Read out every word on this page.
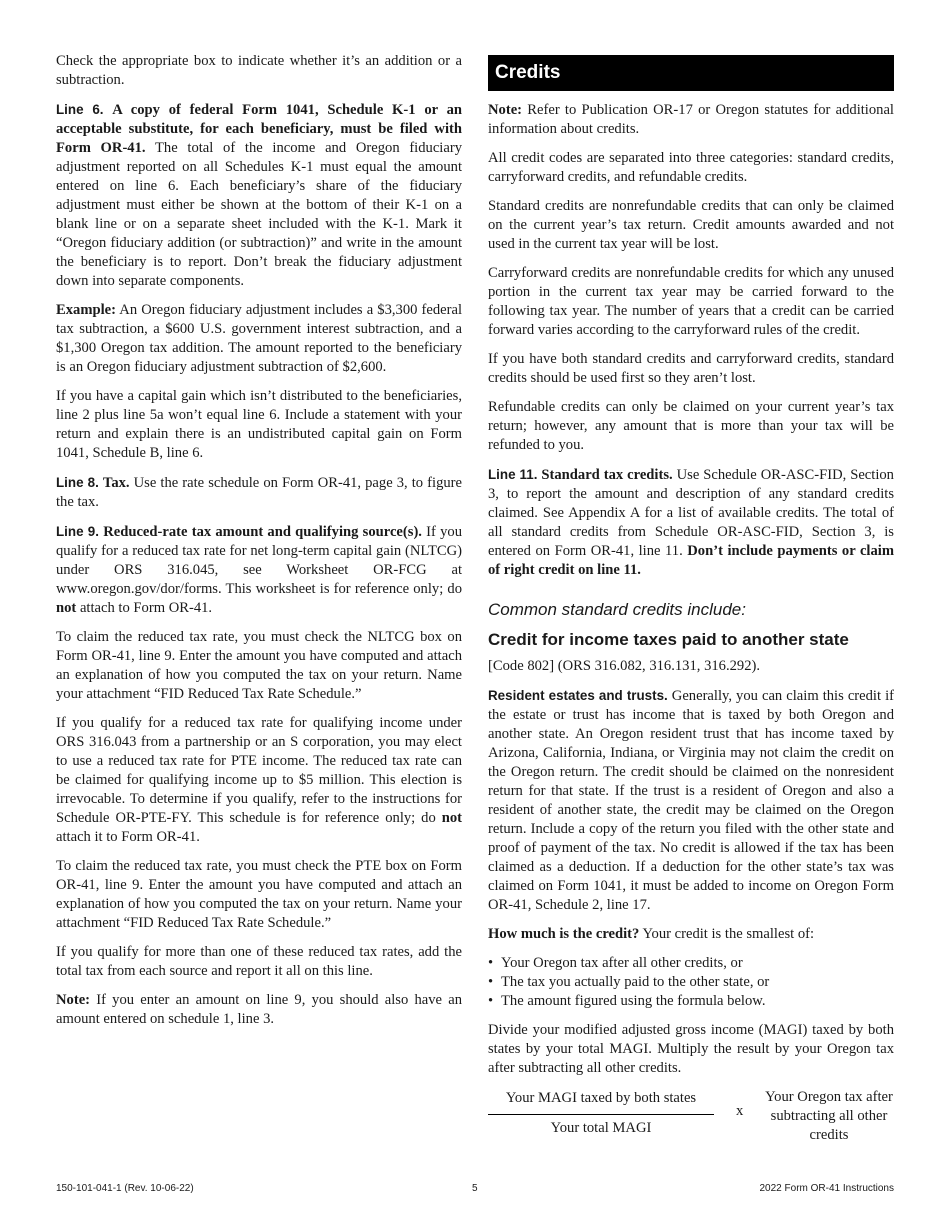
Check the appropriate box to indicate whether it’s an addition or a subtraction.

Line 6. A copy of federal Form 1041, Schedule K-1 or an acceptable substitute, for each beneficiary, must be filed with Form OR-41. The total of the income and Oregon fiduciary adjustment reported on all Schedules K-1 must equal the amount entered on line 6. Each beneficiary’s share of the fiduciary adjustment must either be shown at the bottom of their K-1 on a blank line or on a separate sheet included with the K-1. Mark it “Oregon fiduciary addition (or subtraction)” and write in the amount the beneficiary is to report. Don’t break the fiduciary adjustment down into separate components.

Example: An Oregon fiduciary adjustment includes a $3,300 federal tax subtraction, a $600 U.S. government interest subtraction, and a $1,300 Oregon tax addition. The amount reported to the beneficiary is an Oregon fiduciary adjustment subtraction of $2,600.

If you have a capital gain which isn’t distributed to the beneficiaries, line 2 plus line 5a won’t equal line 6. Include a statement with your return and explain there is an undistributed capital gain on Form 1041, Schedule B, line 6.

Line 8. Tax. Use the rate schedule on Form OR-41, page 3, to figure the tax.

Line 9. Reduced-rate tax amount and qualifying source(s). If you qualify for a reduced tax rate for net long-term capital gain (NLTCG) under ORS 316.045, see Worksheet OR-FCG at www.oregon.gov/dor/forms. This worksheet is for reference only; do not attach to Form OR-41.

To claim the reduced tax rate, you must check the NLTCG box on Form OR-41, line 9. Enter the amount you have computed and attach an explanation of how you computed the tax on your return. Name your attachment “FID Reduced Tax Rate Schedule.”

If you qualify for a reduced tax rate for qualifying income under ORS 316.043 from a partnership or an S corporation, you may elect to use a reduced tax rate for PTE income. The reduced tax rate can be claimed for qualifying income up to $5 million. This election is irrevocable. To determine if you qualify, refer to the instructions for Schedule OR-PTE-FY. This schedule is for reference only; do not attach it to Form OR-41.

To claim the reduced tax rate, you must check the PTE box on Form OR-41, line 9. Enter the amount you have computed and attach an explanation of how you computed the tax on your return. Name your attachment “FID Reduced Tax Rate Schedule.”

If you qualify for more than one of these reduced tax rates, add the total tax from each source and report it all on this line.

Note: If you enter an amount on line 9, you should also have an amount entered on schedule 1, line 3.

Credits

Note: Refer to Publication OR-17 or Oregon statutes for additional information about credits.

All credit codes are separated into three categories: standard credits, carryforward credits, and refundable credits.

Standard credits are nonrefundable credits that can only be claimed on the current year’s tax return. Credit amounts awarded and not used in the current tax year will be lost.

Carryforward credits are nonrefundable credits for which any unused portion in the current tax year may be carried forward to the following tax year. The number of years that a credit can be carried forward varies according to the carryforward rules of the credit.

If you have both standard credits and carryforward credits, standard credits should be used first so they aren’t lost.

Refundable credits can only be claimed on your current year’s tax return; however, any amount that is more than your tax will be refunded to you.

Line 11. Standard tax credits. Use Schedule OR-ASC-FID, Section 3, to report the amount and description of any standard credits claimed. See Appendix A for a list of available credits. The total of all standard credits from Schedule OR-ASC-FID, Section 3, is entered on Form OR-41, line 11. Don’t include payments or claim of right credit on line 11.

Common standard credits include:
Credit for income taxes paid to another state

[Code 802] (ORS 316.082, 316.131, 316.292).

Resident estates and trusts. Generally, you can claim this credit if the estate or trust has income that is taxed by both Oregon and another state. An Oregon resident trust that has income taxed by Arizona, California, Indiana, or Virginia may not claim the credit on the Oregon return. The credit should be claimed on the nonresident return for that state. If the trust is a resident of Oregon and also a resident of another state, the credit may be claimed on the Oregon return. Include a copy of the return you filed with the other state and proof of payment of the tax. No credit is allowed if the tax has been claimed as a deduction. If a deduction for the other state’s tax was claimed on Form 1041, it must be added to income on Oregon Form OR-41, Schedule 2, line 17.

How much is the credit? Your credit is the smallest of:

• Your Oregon tax after all other credits, or
• The tax you actually paid to the other state, or
• The amount figured using the formula below.

Divide your modified adjusted gross income (MAGI) taxed by both states by your total MAGI. Multiply the result by your Oregon tax after subtracting all other credits.

Your MAGI taxed by both states
Your total MAGI
x
Your Oregon tax after subtracting all other credits
150-101-041-1 (Rev. 10-06-22)	5	2022 Form OR-41 Instructions
